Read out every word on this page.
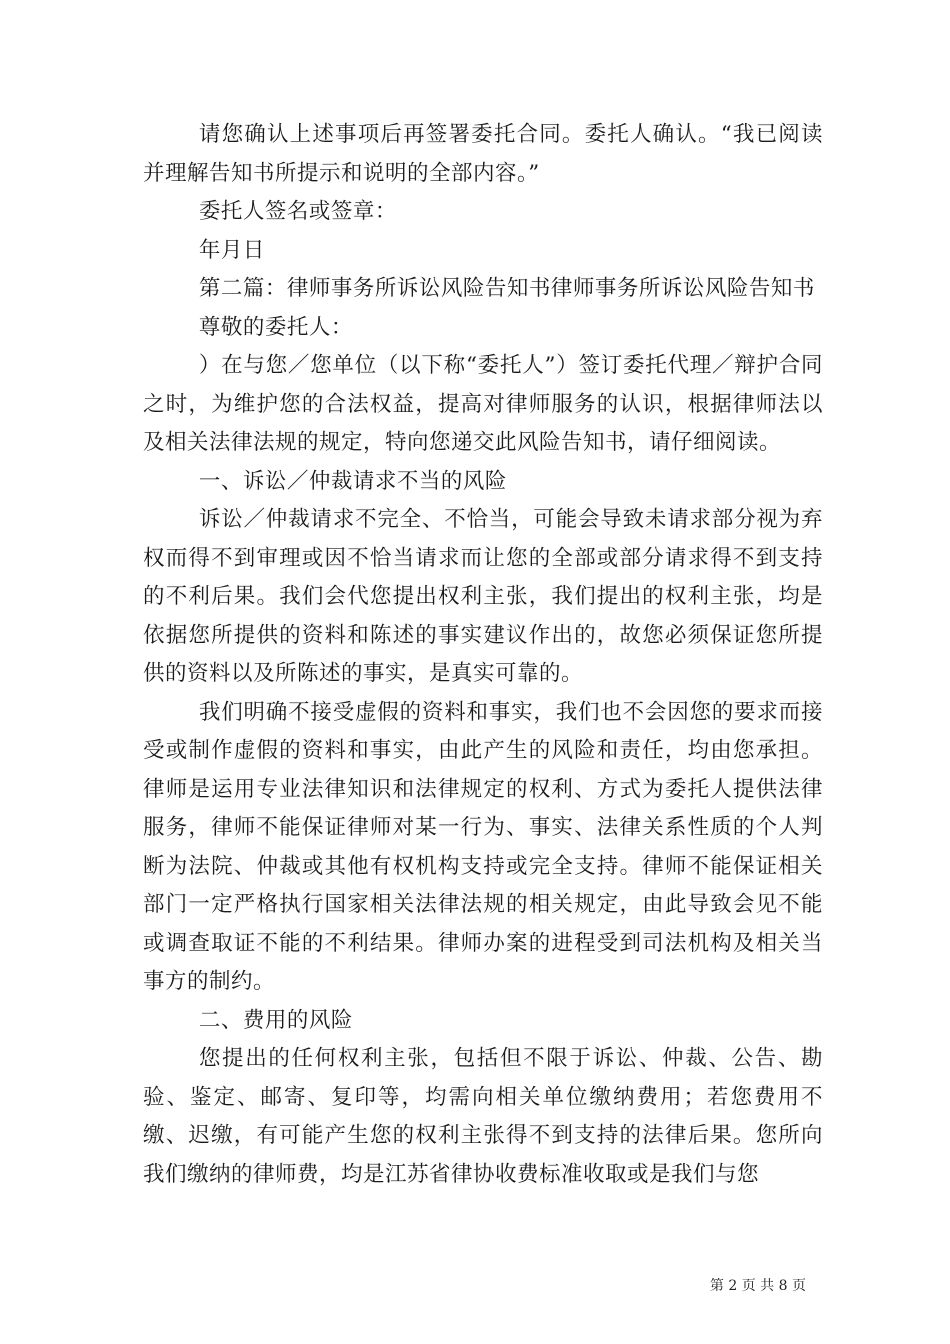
请您确认上述事项后再签署委托合同。委托人确认。“我已阅读并理解告知书所提示和说明的全部内容。”

委托人签名或签章：

年月日

第二篇：律师事务所诉讼风险告知书律师事务所诉讼风险告知书

尊敬的委托人：

）在与您／您单位（以下称“委托人”）签订委托代理／辩护合同之时，为维护您的合法权益，提高对律师服务的认识，根据律师法以及相关法律法规的规定，特向您递交此风险告知书，请仔细阅读。

一、诉讼／仲裁请求不当的风险

诉讼／仲裁请求不完全、不恰当，可能会导致未请求部分视为弃权而得不到审理或因不恰当请求而让您的全部或部分请求得不到支持的不利后果。我们会代您提出权利主张，我们提出的权利主张，均是依据您所提供的资料和陈述的事实建议作出的，故您必须保证您所提供的资料以及所陈述的事实，是真实可靠的。

我们明确不接受虚假的资料和事实，我们也不会因您的要求而接受或制作虚假的资料和事实，由此产生的风险和责任，均由您承担。律师是运用专业法律知识和法律规定的权利、方式为委托人提供法律服务，律师不能保证律师对某一行为、事实、法律关系性质的个人判断为法院、仲裁或其他有权机构支持或完全支持。律师不能保证相关部门一定严格执行国家相关法律法规的相关规定，由此导致会见不能或调查取证不能的不利结果。律师办案的进程受到司法机构及相关当事方的制约。

二、费用的风险

您提出的任何权利主张，包括但不限于诉讼、仲裁、公告、勘验、鉴定、邮寄、复印等，均需向相关单位缴纳费用；若您费用不缴、迟缴，有可能产生您的权利主张得不到支持的法律后果。您所向我们缴纳的律师费，均是江苏省律协收费标准收取或是我们与您

第 2 页 共 8 页
